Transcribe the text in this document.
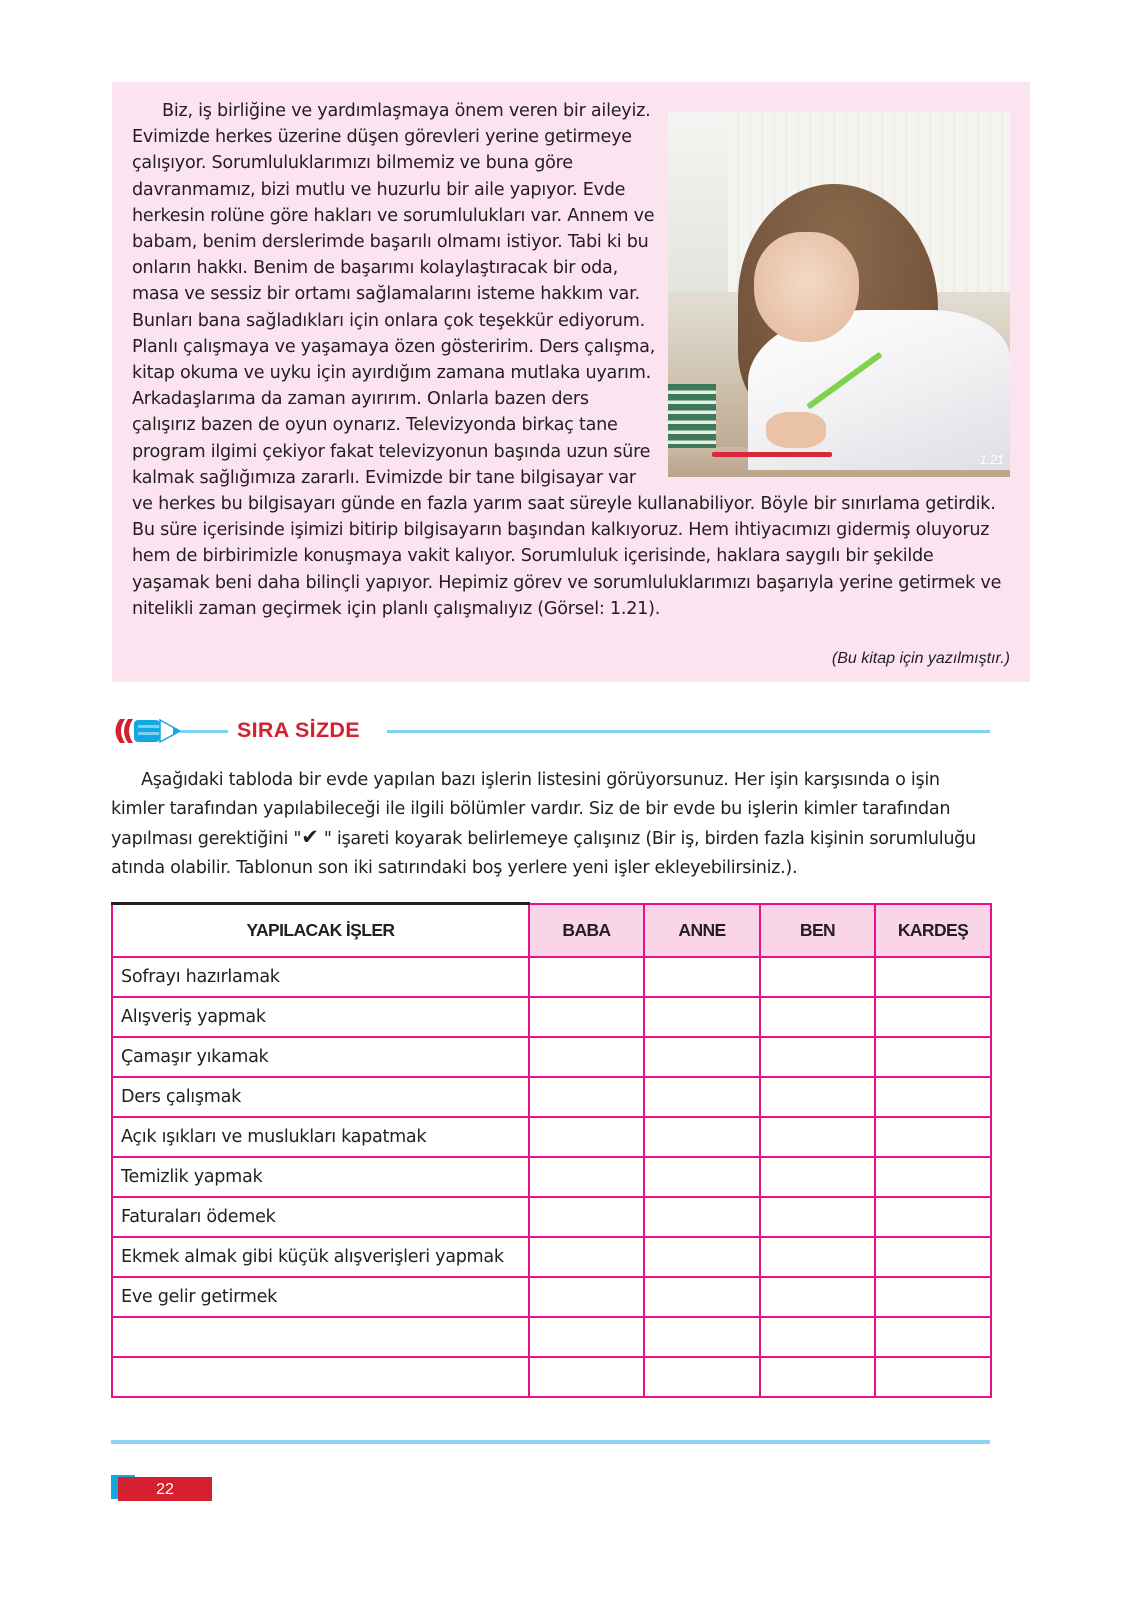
1.21

Biz, iş birliğine ve yardımlaşmaya önem veren bir aileyiz. Evimizde herkes üzerine düşen görevleri yerine getirmeye çalışıyor. Sorumluluklarımızı bilmemiz ve buna göre davranmamız, bizi mutlu ve huzurlu bir aile yapıyor. Evde herkesin rolüne göre hakları ve sorumlulukları var. Annem ve babam, benim derslerimde başarılı olmamı istiyor. Tabi ki bu onların hakkı. Benim de başarımı kolaylaştıracak bir oda, masa ve sessiz bir ortamı sağlamalarını isteme hakkım var. Bunları bana sağladıkları için onlara çok teşekkür ediyorum. Planlı çalışmaya ve yaşamaya özen gösteririm. Ders çalışma, kitap okuma ve uyku için ayırdığım zamana mutlaka uyarım. Arkadaşlarıma da zaman ayırırım. Onlarla bazen ders çalışırız bazen de oyun oynarız. Televizyonda birkaç tane program ilgimi çekiyor fakat televizyonun başında uzun süre kalmak sağlığımıza zararlı. Evimizde bir tane bilgisayar var ve herkes bu bilgisayarı günde en fazla yarım saat süreyle kullanabiliyor. Böyle bir sınırlama getirdik. Bu süre içerisinde işimizi bitirip bilgisayarın başından kalkıyoruz. Hem ihtiyacımızı gidermiş oluyoruz hem de birbirimizle konuşmaya vakit kalıyor. Sorumluluk içerisinde, haklara saygılı bir şekilde yaşamak beni daha bilinçli yapıyor. Hepimiz görev ve sorumluluklarımızı başarıyla yerine getirmek ve nitelikli zaman geçirmek için planlı çalışmalıyız (Görsel: 1.21).

(Bu kitap için yazılmıştır.)
SIRA SİZDE

Aşağıdaki tabloda bir evde yapılan bazı işlerin listesini görüyorsunuz. Her işin karşısında o işin kimler tarafından yapılabileceği ile ilgili bölümler vardır. Siz de bir evde bu işlerin kimler tarafından yapılması gerektiğini "✔ " işareti koyarak belirlemeye çalışınız (Bir iş, birden fazla kişinin sorumluluğu atında olabilir. Tablonun son iki satırındaki boş yerlere yeni işler ekleyebilirsiniz.).

YAPILACAK İŞLER	BABA	ANNE	BEN	KARDEŞ
Sofrayı hazırlamak				
Alışveriş yapmak				
Çamaşır yıkamak				
Ders çalışmak				
Açık ışıkları ve muslukları kapatmak				
Temizlik yapmak				
Faturaları ödemek				
Ekmek almak gibi küçük alışverişleri yapmak				
Eve gelir getirmek				

22
